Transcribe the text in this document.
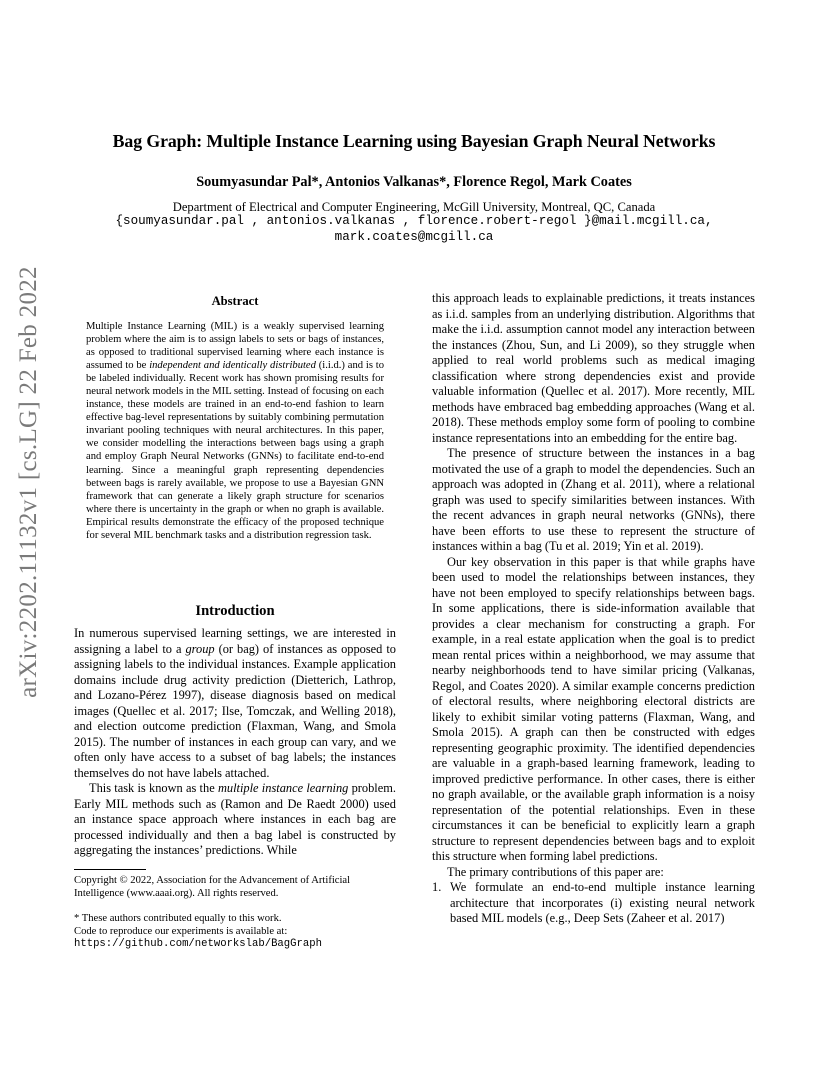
Bag Graph: Multiple Instance Learning using Bayesian Graph Neural Networks
Soumyasundar Pal*, Antonios Valkanas*, Florence Regol, Mark Coates
Department of Electrical and Computer Engineering, McGill University, Montreal, QC, Canada
{soumyasundar.pal , antonios.valkanas , florence.robert-regol }@mail.mcgill.ca,
mark.coates@mcgill.ca
arXiv:2202.11132v1 [cs.LG] 22 Feb 2022	Abstract
Multiple Instance Learning (MIL) is a weakly supervised learning problem where the aim is to assign labels to sets or bags of instances, as opposed to traditional supervised learning where each instance is assumed to be independent and identically distributed (i.i.d.) and is to be labeled individually. Recent work has shown promising results for neural network models in the MIL setting. Instead of focusing on each instance, these models are trained in an end-to-end fashion to learn effective bag-level representations by suitably combining permutation invariant pooling techniques with neural architectures. In this paper, we consider modelling the interactions between bags using a graph and employ Graph Neural Networks (GNNs) to facilitate end-to-end learning. Since a meaningful graph representing dependencies between bags is rarely available, we propose to use a Bayesian GNN framework that can generate a likely graph structure for scenarios where there is uncertainty in the graph or when no graph is available. Empirical results demonstrate the efficacy of the proposed technique for several MIL benchmark tasks and a distribution regression task.
Introduction

In numerous supervised learning settings, we are interested in assigning a label to a group (or bag) of instances as opposed to assigning labels to the individual instances. Example application domains include drug activity prediction (Dietterich, Lathrop, and Lozano-Pérez 1997), disease diagnosis based on medical images (Quellec et al. 2017; Ilse, Tomczak, and Welling 2018), and election outcome prediction (Flaxman, Wang, and Smola 2015). The number of instances in each group can vary, and we often only have access to a subset of bag labels; the instances themselves do not have labels attached.

This task is known as the multiple instance learning problem. Early MIL methods such as (Ramon and De Raedt 2000) used an instance space approach where instances in each bag are processed individually and then a bag label is constructed by aggregating the instances’ predictions. While

Copyright © 2022, Association for the Advancement of Artificial Intelligence (www.aaai.org). All rights reserved.
* These authors contributed equally to this work.
Code to reproduce our experiments is available at:
https://github.com/networkslab/BagGraph

this approach leads to explainable predictions, it treats instances as i.i.d. samples from an underlying distribution. Algorithms that make the i.i.d. assumption cannot model any interaction between the instances (Zhou, Sun, and Li 2009), so they struggle when applied to real world problems such as medical imaging classification where strong dependencies exist and provide valuable information (Quellec et al. 2017). More recently, MIL methods have embraced bag embedding approaches (Wang et al. 2018). These methods employ some form of pooling to combine instance representations into an embedding for the entire bag.

The presence of structure between the instances in a bag motivated the use of a graph to model the dependencies. Such an approach was adopted in (Zhang et al. 2011), where a relational graph was used to specify similarities between instances. With the recent advances in graph neural networks (GNNs), there have been efforts to use these to represent the structure of instances within a bag (Tu et al. 2019; Yin et al. 2019).

Our key observation in this paper is that while graphs have been used to model the relationships between instances, they have not been employed to specify relationships between bags. In some applications, there is side-information available that provides a clear mechanism for constructing a graph. For example, in a real estate application when the goal is to predict mean rental prices within a neighborhood, we may assume that nearby neighborhoods tend to have similar pricing (Valkanas, Regol, and Coates 2020). A similar example concerns prediction of electoral results, where neighboring electoral districts are likely to exhibit similar voting patterns (Flaxman, Wang, and Smola 2015). A graph can then be constructed with edges representing geographic proximity. The identified dependencies are valuable in a graph-based learning framework, leading to improved predictive performance. In other cases, there is either no graph available, or the available graph information is a noisy representation of the potential relationships. Even in these circumstances it can be beneficial to explicitly learn a graph structure to represent dependencies between bags and to exploit this structure when forming label predictions.

The primary contributions of this paper are:

1. We formulate an end-to-end multiple instance learning architecture that incorporates (i) existing neural network based MIL models (e.g., Deep Sets (Zaheer et al. 2017)
